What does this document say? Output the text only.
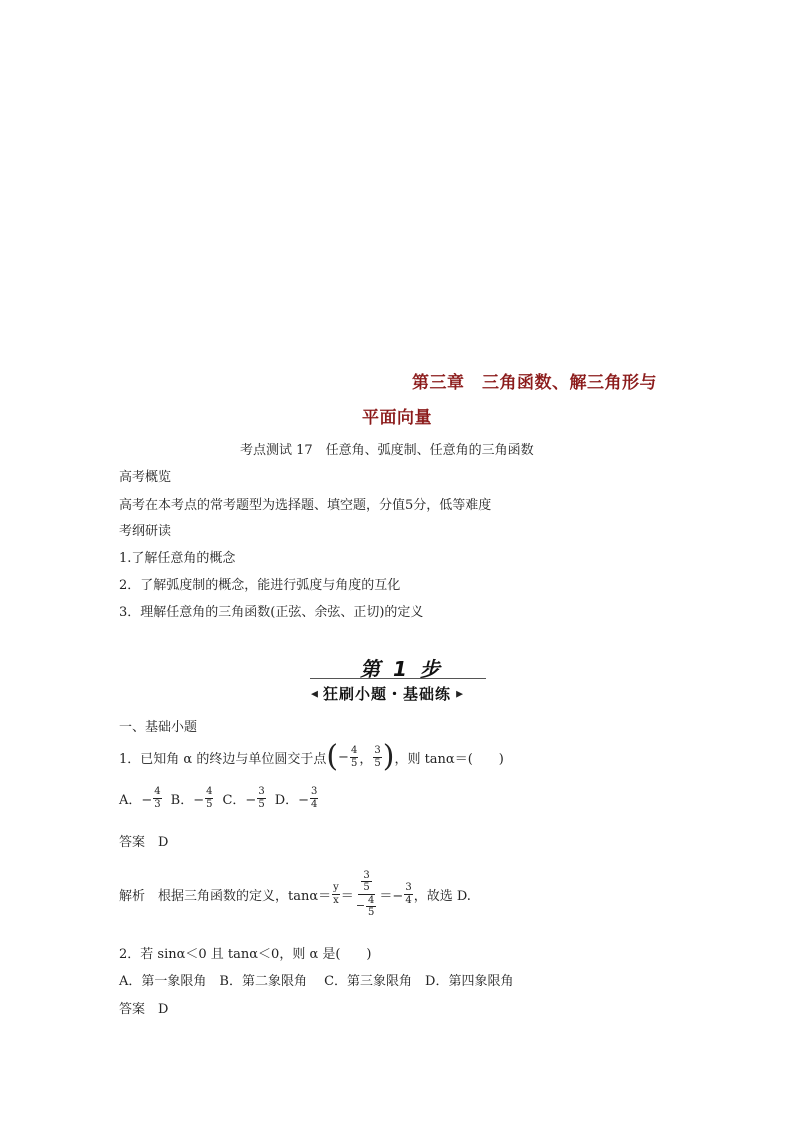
第三章　三角函数、解三角形与
平面向量
考点测试 17　任意角、弧度制、任意角的三角函数
高考概览
高考在本考点的常考题型为选择题、填空题，分值5分，低等难度
考纲研读
1.了解任意角的概念
2．了解弧度制的概念，能进行弧度与角度的互化
3．理解任意角的三角函数(正弦、余弦、正切)的定义
第 1 步
◀ 狂刷小题・基础练 ▶
一、基础小题
1．已知角 α 的终边与单位圆交于点 ( − $\frac{4}{5}$ ， $\frac{3}{5}$ ) ，则 tanα＝(　　)
A．− $\frac{4}{3}$ B．− $\frac{4}{5}$ C．− $\frac{3}{5}$ D．− $\frac{3}{4}$
答案　D
解析　根据三角函数的定义，$\tan\alpha= \frac{y}{x} = \frac{\frac{3}{5}}{- \frac{4}{5}} =- \frac{3}{4}$ ，故选 D.
2．若 sinα＜0 且 tanα＜0，则 α 是(　　)
A．第一象限角　B．第二象限角　 C．第三象限角　D．第四象限角
答案　D
